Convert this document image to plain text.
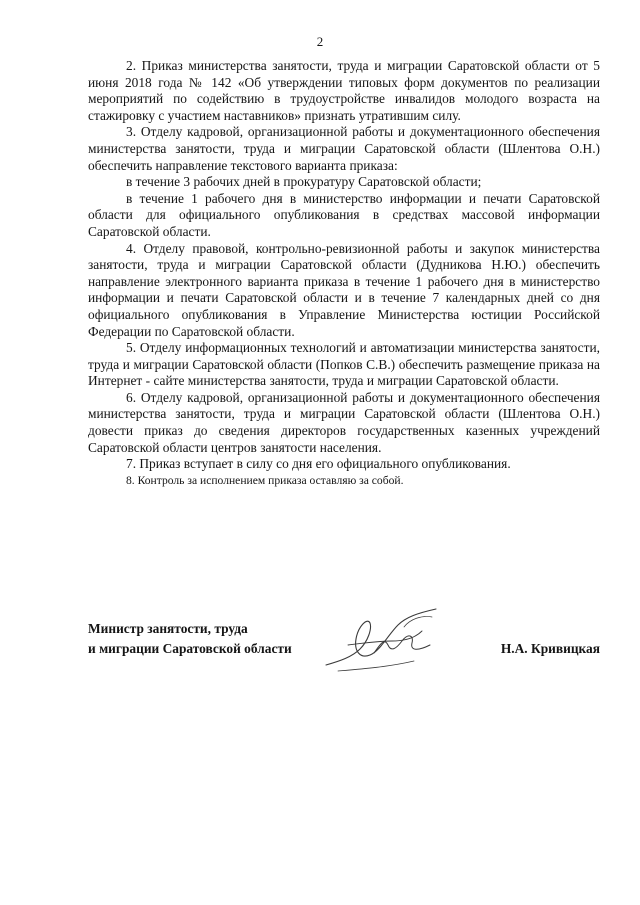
2

2. Приказ министерства занятости, труда и миграции Саратовской области от 5 июня 2018 года № 142 «Об утверждении типовых форм документов по реализации мероприятий по содействию в трудоустройстве инвалидов молодого возраста на стажировку с участием наставников» признать утратившим силу.

3. Отделу кадровой, организационной работы и документационного обеспечения министерства занятости, труда и миграции Саратовской области (Шлентова О.Н.) обеспечить направление текстового варианта приказа:

в течение 3 рабочих дней в прокуратуру Саратовской области;

в течение 1 рабочего дня в министерство информации и печати Саратовской области для официального опубликования в средствах массовой информации Саратовской области.

4. Отделу правовой, контрольно-ревизионной работы и закупок министерства занятости, труда и миграции Саратовской области (Дудникова Н.Ю.) обеспечить направление электронного варианта приказа в течение 1 рабочего дня в министерство информации и печати Саратовской области и в течение 7 календарных дней со дня официального опубликования в Управление Министерства юстиции Российской Федерации по Саратовской области.

5. Отделу информационных технологий и автоматизации министерства занятости, труда и миграции Саратовской области (Попков С.В.) обеспечить размещение приказа на Интернет - сайте министерства занятости, труда и миграции Саратовской области.

6. Отделу кадровой, организационной работы и документационного обеспечения министерства занятости, труда и миграции Саратовской области (Шлентова О.Н.) довести приказ до сведения директоров государственных казенных учреждений Саратовской области центров занятости населения.

7. Приказ вступает в силу со дня его официального опубликования.

8. Контроль за исполнением приказа оставляю за собой.

Министр занятости, труда
и миграции Саратовской области	Н.А. Кривицкая
